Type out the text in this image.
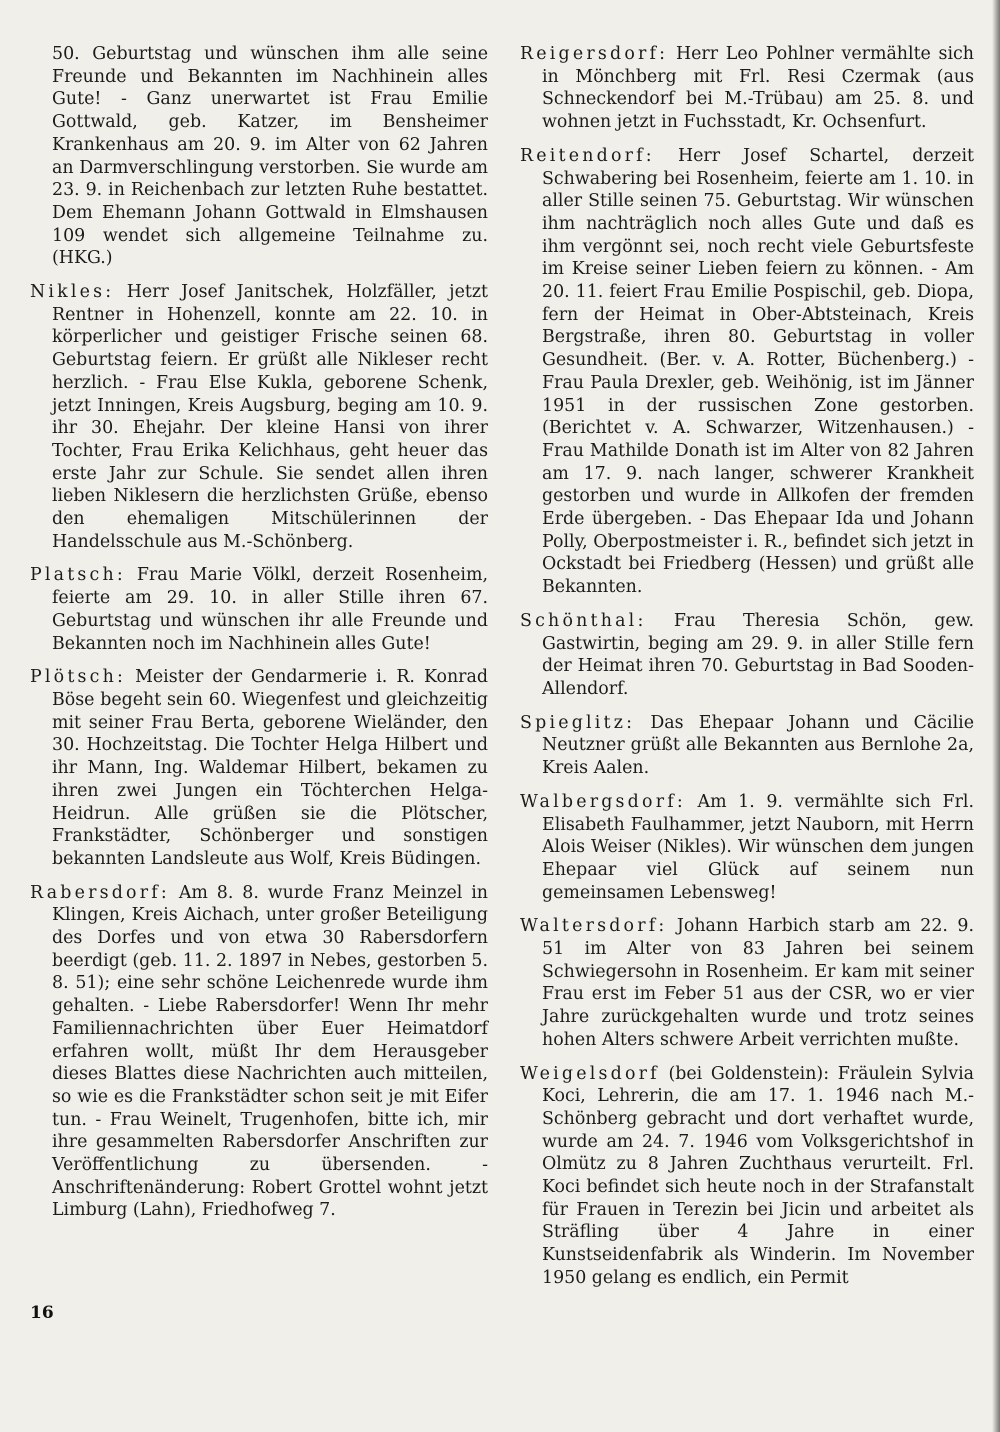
50. Geburtstag und wünschen ihm alle seine Freunde und Bekannten im Nachhinein alles Gute! - Ganz unerwartet ist Frau Emilie Gottwald, geb. Katzer, im Bensheimer Krankenhaus am 20. 9. im Alter von 62 Jahren an Darmverschlingung verstorben. Sie wurde am 23. 9. in Reichenbach zur letzten Ruhe bestattet. Dem Ehemann Johann Gottwald in Elmshausen 109 wendet sich allgemeine Teilnahme zu. (HKG.)

Nikles: Herr Josef Janitschek, Holzfäller, jetzt Rentner in Hohenzell, konnte am 22. 10. in körperlicher und geistiger Frische seinen 68. Geburtstag feiern. Er grüßt alle Nikleser recht herzlich. - Frau Else Kukla, geborene Schenk, jetzt Inningen, Kreis Augsburg, beging am 10. 9. ihr 30. Ehejahr. Der kleine Hansi von ihrer Tochter, Frau Erika Kelichhaus, geht heuer das erste Jahr zur Schule. Sie sendet allen ihren lieben Niklesern die herzlichsten Grüße, ebenso den ehemaligen Mitschülerinnen der Handelsschule aus M.-Schönberg.

Platsch: Frau Marie Völkl, derzeit Rosenheim, feierte am 29. 10. in aller Stille ihren 67. Geburtstag und wünschen ihr alle Freunde und Bekannten noch im Nachhinein alles Gute!

Plötsch: Meister der Gendarmerie i. R. Konrad Böse begeht sein 60. Wiegenfest und gleichzeitig mit seiner Frau Berta, geborene Wieländer, den 30. Hochzeitstag. Die Tochter Helga Hilbert und ihr Mann, Ing. Waldemar Hilbert, bekamen zu ihren zwei Jungen ein Töchterchen Helga-Heidrun. Alle grüßen sie die Plötscher, Frankstädter, Schönberger und sonstigen bekannten Landsleute aus Wolf, Kreis Büdingen.

Rabersdorf: Am 8. 8. wurde Franz Meinzel in Klingen, Kreis Aichach, unter großer Beteiligung des Dorfes und von etwa 30 Rabersdorfern beerdigt (geb. 11. 2. 1897 in Nebes, gestorben 5. 8. 51); eine sehr schöne Leichenrede wurde ihm gehalten. - Liebe Rabersdorfer! Wenn Ihr mehr Familiennachrichten über Euer Heimatdorf erfahren wollt, müßt Ihr dem Herausgeber dieses Blattes diese Nachrichten auch mitteilen, so wie es die Frankstädter schon seit je mit Eifer tun. - Frau Weinelt, Trugenhofen, bitte ich, mir ihre gesammelten Rabersdorfer Anschriften zur Veröffentlichung zu übersenden. - Anschriftenänderung: Robert Grottel wohnt jetzt Limburg (Lahn), Friedhofweg 7.

Reigersdorf: Herr Leo Pohlner vermählte sich in Mönchberg mit Frl. Resi Czermak (aus Schneckendorf bei M.-Trübau) am 25. 8. und wohnen jetzt in Fuchsstadt, Kr. Ochsenfurt.

Reitendorf: Herr Josef Schartel, derzeit Schwabering bei Rosenheim, feierte am 1. 10. in aller Stille seinen 75. Geburtstag. Wir wünschen ihm nachträglich noch alles Gute und daß es ihm vergönnt sei, noch recht viele Geburtsfeste im Kreise seiner Lieben feiern zu können. - Am 20. 11. feiert Frau Emilie Pospischil, geb. Diopa, fern der Heimat in Ober-Abtsteinach, Kreis Bergstraße, ihren 80. Geburtstag in voller Gesundheit. (Ber. v. A. Rotter, Büchenberg.) - Frau Paula Drexler, geb. Weihönig, ist im Jänner 1951 in der russischen Zone gestorben. (Berichtet v. A. Schwarzer, Witzenhausen.) - Frau Mathilde Donath ist im Alter von 82 Jahren am 17. 9. nach langer, schwerer Krankheit gestorben und wurde in Allkofen der fremden Erde übergeben. - Das Ehepaar Ida und Johann Polly, Oberpostmeister i. R., befindet sich jetzt in Ockstadt bei Friedberg (Hessen) und grüßt alle Bekannten.

Schönthal: Frau Theresia Schön, gew. Gastwirtin, beging am 29. 9. in aller Stille fern der Heimat ihren 70. Geburtstag in Bad Sooden-Allendorf.

Spieglitz: Das Ehepaar Johann und Cäcilie Neutzner grüßt alle Bekannten aus Bernlohe 2a, Kreis Aalen.

Walbergsdorf: Am 1. 9. vermählte sich Frl. Elisabeth Faulhammer, jetzt Nauborn, mit Herrn Alois Weiser (Nikles). Wir wünschen dem jungen Ehepaar viel Glück auf seinem nun gemeinsamen Lebensweg!

Waltersdorf: Johann Harbich starb am 22. 9. 51 im Alter von 83 Jahren bei seinem Schwiegersohn in Rosenheim. Er kam mit seiner Frau erst im Feber 51 aus der CSR, wo er vier Jahre zurückgehalten wurde und trotz seines hohen Alters schwere Arbeit verrichten mußte.

Weigelsdorf (bei Goldenstein): Fräulein Sylvia Koci, Lehrerin, die am 17. 1. 1946 nach M.-Schönberg gebracht und dort verhaftet wurde, wurde am 24. 7. 1946 vom Volksgerichtshof in Olmütz zu 8 Jahren Zuchthaus verurteilt. Frl. Koci befindet sich heute noch in der Strafanstalt für Frauen in Terezin bei Jicin und arbeitet als Sträfling über 4 Jahre in einer Kunstseidenfabrik als Winderin. Im November 1950 gelang es endlich, ein Permit

16
